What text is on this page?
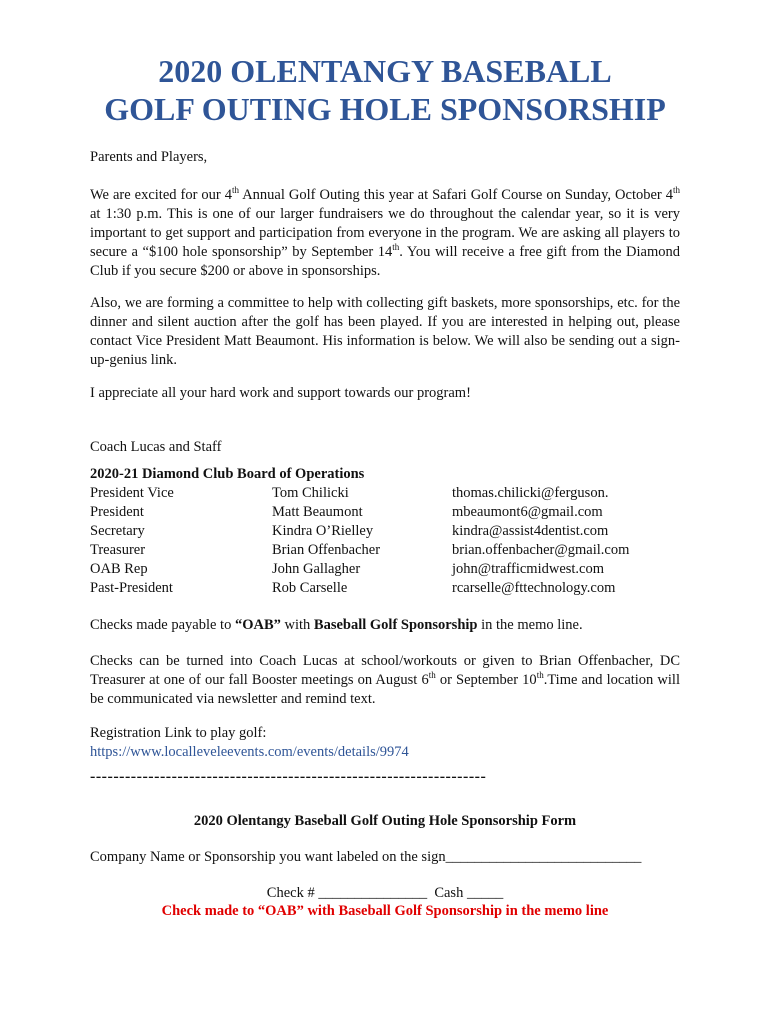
2020 OLENTANGY BASEBALL
GOLF OUTING HOLE SPONSORSHIP
Parents and Players,
We are excited for our 4th Annual Golf Outing this year at Safari Golf Course on Sunday, October 4th at 1:30 p.m. This is one of our larger fundraisers we do throughout the calendar year, so it is very important to get support and participation from everyone in the program. We are asking all players to secure a “$100 hole sponsorship” by September 14th. You will receive a free gift from the Diamond Club if you secure $200 or above in sponsorships.
Also, we are forming a committee to help with collecting gift baskets, more sponsorships, etc. for the dinner and silent auction after the golf has been played. If you are interested in helping out, please contact Vice President Matt Beaumont. His information is below. We will also be sending out a sign-up-genius link.
I appreciate all your hard work and support towards our program!
Coach Lucas and Staff
2020-21 Diamond Club Board of Operations
President Vice	Tom Chilicki	thomas.chilicki@ferguson.
President	Matt Beaumont	mbeaumont6@gmail.com
Secretary	Kindra O’Rielley	kindra@assist4dentist.com
Treasurer	Brian Offenbacher	brian.offenbacher@gmail.com
OAB Rep	John Gallagher	john@trafficmidwest.com
Past-President	Rob Carselle	rcarselle@fttechnology.com
Checks made payable to “OAB” with Baseball Golf Sponsorship in the memo line.
Checks can be turned into Coach Lucas at school/workouts or given to Brian Offenbacher, DC Treasurer at one of our fall Booster meetings on August 6th or September 10th.Time and location will be communicated via newsletter and remind text.
Registration Link to play golf:
https://www.localleveleevents.com/events/details/9974
--------------------------------------------------------------------
2020 Olentangy Baseball Golf Outing Hole Sponsorship Form
Company Name or Sponsorship you want labeled on the sign___________________________
Check # _______________ Cash _____
Check made to “OAB” with Baseball Golf Sponsorship in the memo line
